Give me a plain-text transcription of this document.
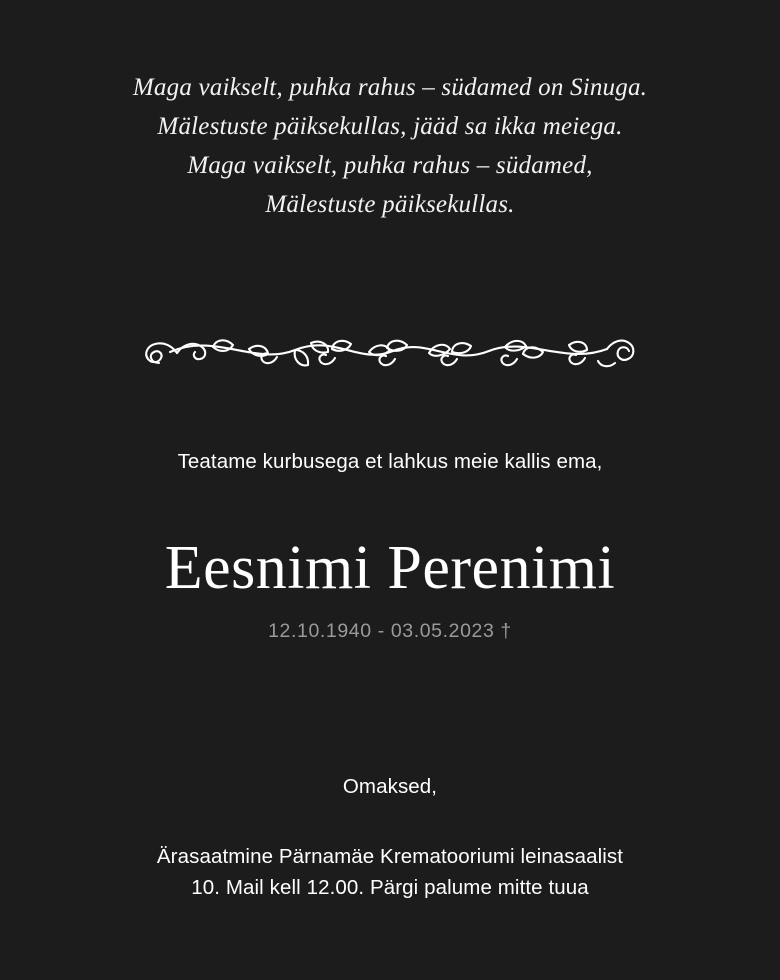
Maga vaikselt, puhka rahus – südamed on Sinuga.
Mälestuste päiksekullas, jääd sa ikka meiega.
Maga vaikselt, puhka rahus – südamed,
Mälestuste päiksekullas.
Teatame kurbusega et lahkus meie kallis ema,
Eesnimi Perenimi
12.10.1940 - 03.05.2023 †
Omaksed,
Ärasaatmine Pärnamäe Krematooriumi leinasaalist
10. Mail kell 12.00. Pärgi palume mitte tuua
